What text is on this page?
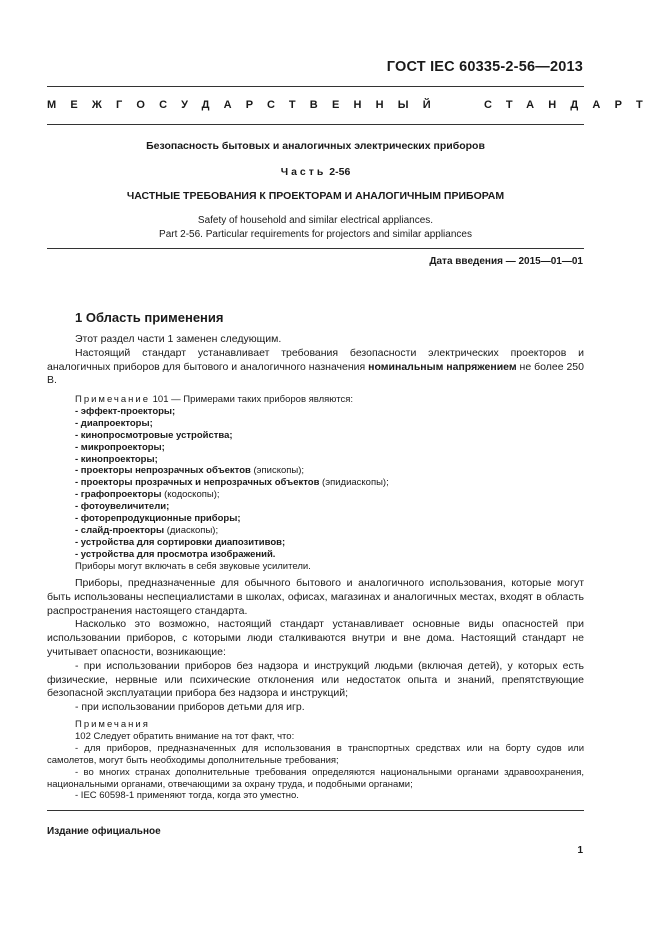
ГОСТ IEC 60335-2-56—2013
МЕЖГОСУДАРСТВЕННЫЙ	СТАНДАРТ
Безопасность бытовых и аналогичных электрических приборов
Часть 2-56
ЧАСТНЫЕ ТРЕБОВАНИЯ К ПРОЕКТОРАМ И АНАЛОГИЧНЫМ ПРИБОРАМ
Safety of household and similar electrical appliances.
Part 2-56. Particular requirements for projectors and similar appliances
Дата введения — 2015—01—01
1 Область применения

Этот раздел части 1 заменен следующим.

Настоящий стандарт устанавливает требования безопасности электрических проекторов и аналогичных приборов для бытового и аналогичного назначения номинальным напряжением не более 250 В.

Примечание 101 — Примерами таких приборов являются:
- эффект-проекторы;
- диапроекторы;
- кинопросмотровые устройства;
- микропроекторы;
- кинопроекторы;
- проекторы непрозрачных объектов (эпископы);
- проекторы прозрачных и непрозрачных объектов (эпидиаскопы);
- графопроекторы (кодоскопы);
- фотоувеличители;
- фоторепродукционные приборы;
- слайд-проекторы (диаскопы);
- устройства для сортировки диапозитивов;
- устройства для просмотра изображений.
Приборы могут включать в себя звуковые усилители.

Приборы, предназначенные для обычного бытового и аналогичного использования, которые могут быть использованы неспециалистами в школах, офисах, магазинах и аналогичных местах, входят в область распространения настоящего стандарта.

Насколько это возможно, настоящий стандарт устанавливает основные виды опасностей при использовании приборов, с которыми люди сталкиваются внутри и вне дома. Настоящий стандарт не учитывает опасности, возникающие:

- при использовании приборов без надзора и инструкций людьми (включая детей), у которых есть физические, нервные или психические отклонения или недостаток опыта и знаний, препятствующие безопасной эксплуатации прибора без надзора и инструкций;

- при использовании приборов детьми для игр.

Примечания

102 Следует обратить внимание на тот факт, что:

- для приборов, предназначенных для использования в транспортных средствах или на борту судов или самолетов, могут быть необходимы дополнительные требования;

- во многих странах дополнительные требования определяются национальными органами здравоохранения, национальными органами, отвечающими за охрану труда, и подобными органами;

- IEC 60598-1 применяют тогда, когда это уместно.

Издание официальное
1
